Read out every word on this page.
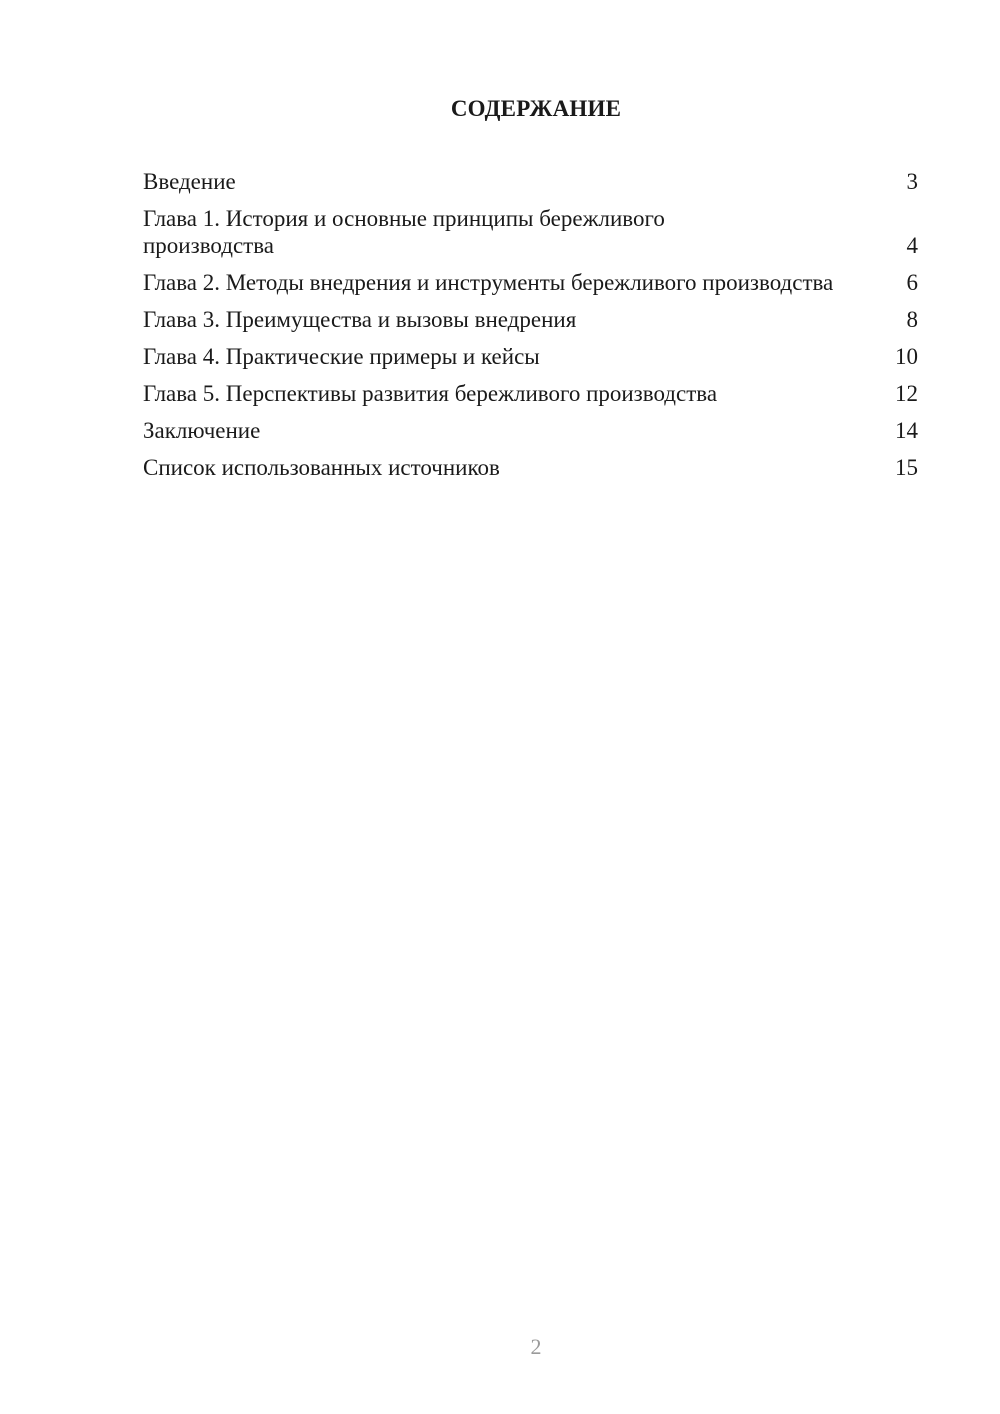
СОДЕРЖАНИЕ
Введение	3
Глава 1. История и основные принципы бережливого производства	4
Глава 2. Методы внедрения и инструменты бережливого производства	6
Глава 3. Преимущества и вызовы внедрения	8
Глава 4. Практические примеры и кейсы	10
Глава 5. Перспективы развития бережливого производства	12
Заключение	14
Список использованных источников	15
2
